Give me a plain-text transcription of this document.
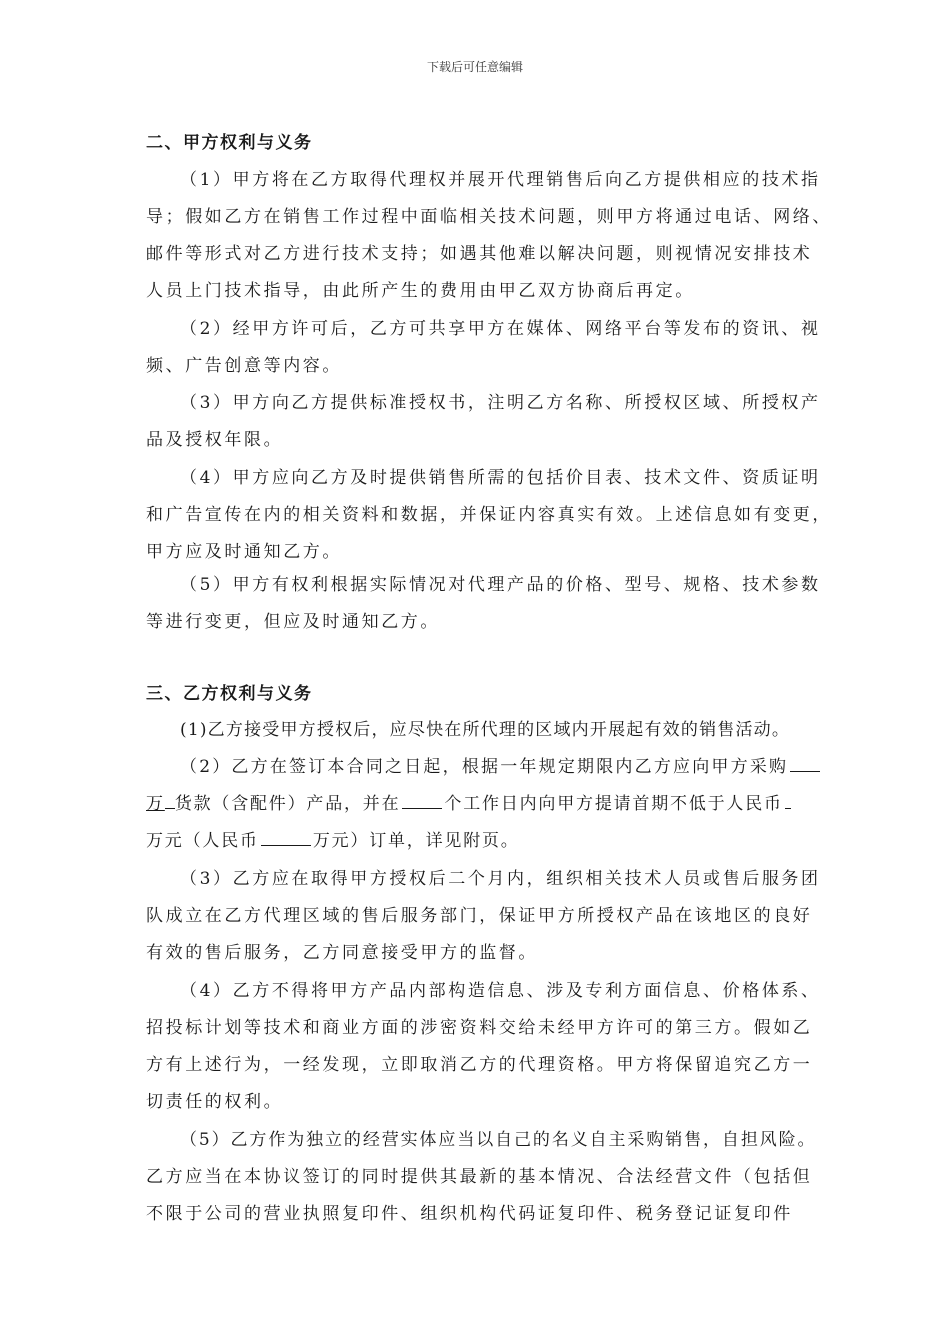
下载后可任意编辑
二、甲方权利与义务
（1）甲方将在乙方取得代理权并展开代理销售后向乙方提供相应的技术指
导；假如乙方在销售工作过程中面临相关技术问题，则甲方将通过电话、网络、
邮件等形式对乙方进行技术支持；如遇其他难以解决问题，则视情况安排技术
人员上门技术指导，由此所产生的费用由甲乙双方协商后再定。
（2）经甲方许可后，乙方可共享甲方在媒体、网络平台等发布的资讯、视
频、广告创意等内容。
（3）甲方向乙方提供标准授权书，注明乙方名称、所授权区域、所授权产
品及授权年限。
（4）甲方应向乙方及时提供销售所需的包括价目表、技术文件、资质证明
和广告宣传在内的相关资料和数据，并保证内容真实有效。上述信息如有变更，
甲方应及时通知乙方。
（5）甲方有权利根据实际情况对代理产品的价格、型号、规格、技术参数
等进行变更，但应及时通知乙方。
三、乙方权利与义务
(1)乙方接受甲方授权后，应尽快在所代理的区域内开展起有效的销售活动。
（2）乙方在签订本合同之日起，根据一年规定期限内乙方应向甲方采购
万 货款（含配件）产品，并在	个工作日内向甲方提请首期不低于人民币
万元（人民币	万元）订单，详见附页。
（3）乙方应在取得甲方授权后二个月内，组织相关技术人员或售后服务团
队成立在乙方代理区域的售后服务部门，保证甲方所授权产品在该地区的良好
有效的售后服务，乙方同意接受甲方的监督。
（4）乙方不得将甲方产品内部构造信息、涉及专利方面信息、价格体系、
招投标计划等技术和商业方面的涉密资料交给未经甲方许可的第三方。假如乙
方有上述行为，一经发现，立即取消乙方的代理资格。甲方将保留追究乙方一
切责任的权利。
（5）乙方作为独立的经营实体应当以自己的名义自主采购销售，自担风险。
乙方应当在本协议签订的同时提供其最新的基本情况、合法经营文件（包括但
不限于公司的营业执照复印件、组织机构代码证复印件、税务登记证复印件
